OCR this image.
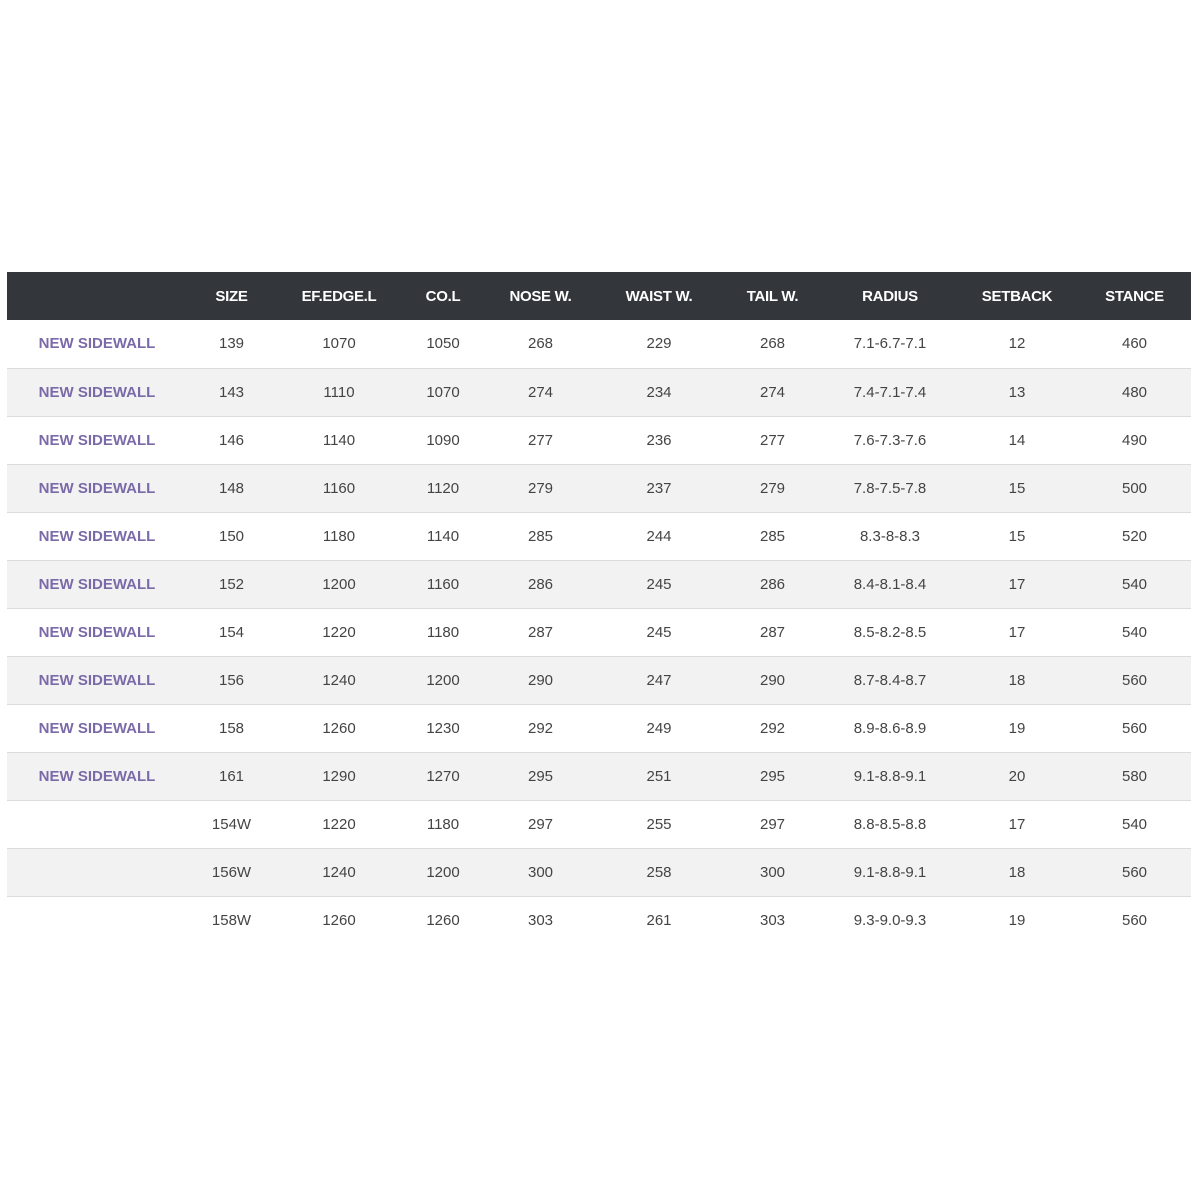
	SIZE	EF.EDGE.L	CO.L	NOSE W.	WAIST W.	TAIL W.	RADIUS	SETBACK	STANCE
NEW SIDEWALL	139	1070	1050	268	229	268	7.1-6.7-7.1	12	460
NEW SIDEWALL	143	1110	1070	274	234	274	7.4-7.1-7.4	13	480
NEW SIDEWALL	146	1140	1090	277	236	277	7.6-7.3-7.6	14	490
NEW SIDEWALL	148	1160	1120	279	237	279	7.8-7.5-7.8	15	500
NEW SIDEWALL	150	1180	1140	285	244	285	8.3-8-8.3	15	520
NEW SIDEWALL	152	1200	1160	286	245	286	8.4-8.1-8.4	17	540
NEW SIDEWALL	154	1220	1180	287	245	287	8.5-8.2-8.5	17	540
NEW SIDEWALL	156	1240	1200	290	247	290	8.7-8.4-8.7	18	560
NEW SIDEWALL	158	1260	1230	292	249	292	8.9-8.6-8.9	19	560
NEW SIDEWALL	161	1290	1270	295	251	295	9.1-8.8-9.1	20	580
	154W	1220	1180	297	255	297	8.8-8.5-8.8	17	540
	156W	1240	1200	300	258	300	9.1-8.8-9.1	18	560
	158W	1260	1260	303	261	303	9.3-9.0-9.3	19	560
